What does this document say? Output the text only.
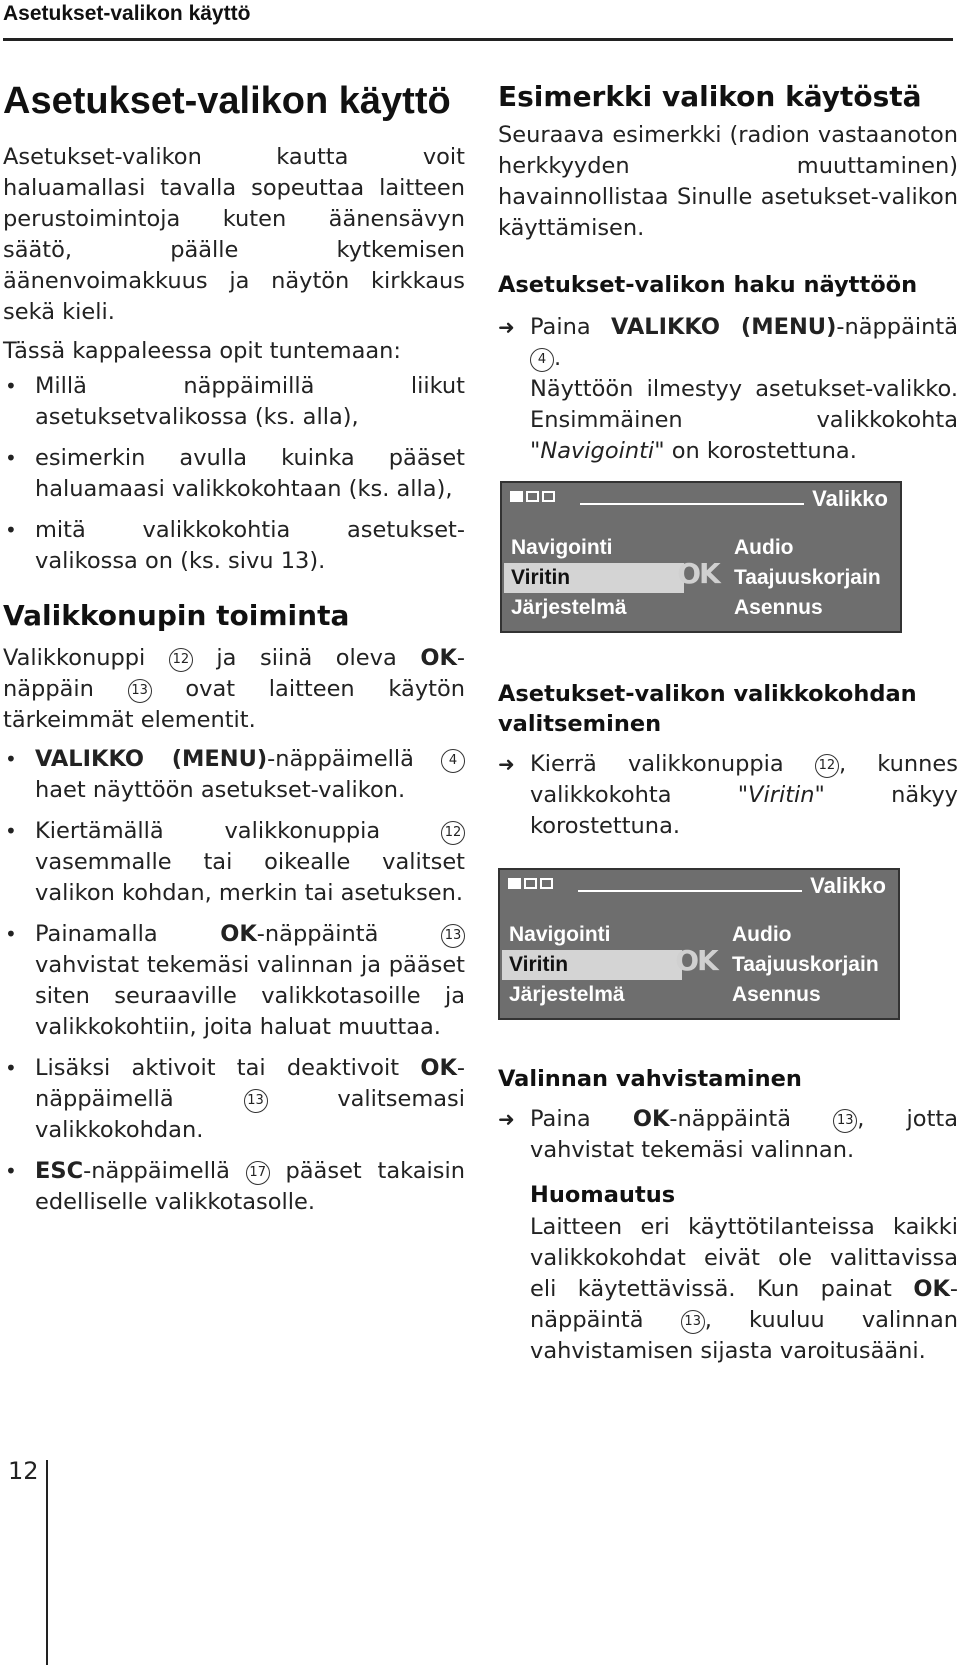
Asetukset-valikon käyttö
Asetukset-valikon käyttö
Asetukset-valikon kautta voit haluamallasi tavalla sopeuttaa laitteen perustoimintoja kuten äänensävyn säätö, päälle kytkemisen äänenvoimakkuus ja näytön kirkkaus sekä kieli.
Tässä kappaleessa opit tuntemaan:
• Millä näppäimillä liikut asetuksetvalikossa (ks. alla),
• esimerkin avulla kuinka pääset haluamaasi valikkokohtaan (ks. alla),
• mitä valikkokohtia asetukset-valikossa on (ks. sivu 13).
Valikkonupin toiminta
Valikkonuppi 12 ja siinä oleva OK-näppäin	13 ovat laitteen käytön tärkeimmät elementit.
• VALIKKO (MENU)-näppäimellä	4 haet näyttöön asetukset-valikon.
• Kiertämällä valikkonuppia	12 vasemmalle tai oikealle valitset valikon kohdan, merkin tai asetuksen.
• Painamalla	OK-näppäintä	13 vahvistat tekemäsi valinnan ja pääset siten seuraaville valikkotasoille ja valikkokohtiin, joita haluat muuttaa.
• Lisäksi aktivoit tai deaktivoit OK-näppäimellä	13	valitsemasi valikkokohdan.
• ESC-näppäimellä 17 pääset takaisin edelliselle valikkotasolle.
Esimerkki valikon käytöstä
Seuraava esimerkki (radion vastaanoton herkkyyden muuttaminen) havainnollistaa Sinulle asetukset-valikon käyttämisen.
Asetukset-valikon haku näyttöön
➜ Paina VALIKKO (MENU)-näppäintä 4 .
Näyttöön ilmestyy asetukset-valikko. Ensimmäinen valikkokohta "Navigointi" on korostettuna.
Valikko
Navigointi
Viritin
Järjestelmä
OK
Audio
Taajuuskorjain
Asennus
Asetukset-valikon valikkokohdan valitseminen
➜ Kierrä valikkonuppia	12 , kunnes valikkokohta "Viritin" näkyy korostettuna.
Valikko
Navigointi
Viritin
Järjestelmä
OK
Audio
Taajuuskorjain
Asennus
Valinnan vahvistaminen
➜ Paina OK-näppäintä	13 , jotta vahvistat tekemäsi valinnan.
Huomautus
Laitteen eri käyttötilanteissa kaikki valikkokohdat eivät ole valittavissa eli käytettävissä. Kun painat OK-näppäintä	13 , kuuluu valinnan vahvistamisen sijasta varoitusääni.
12
